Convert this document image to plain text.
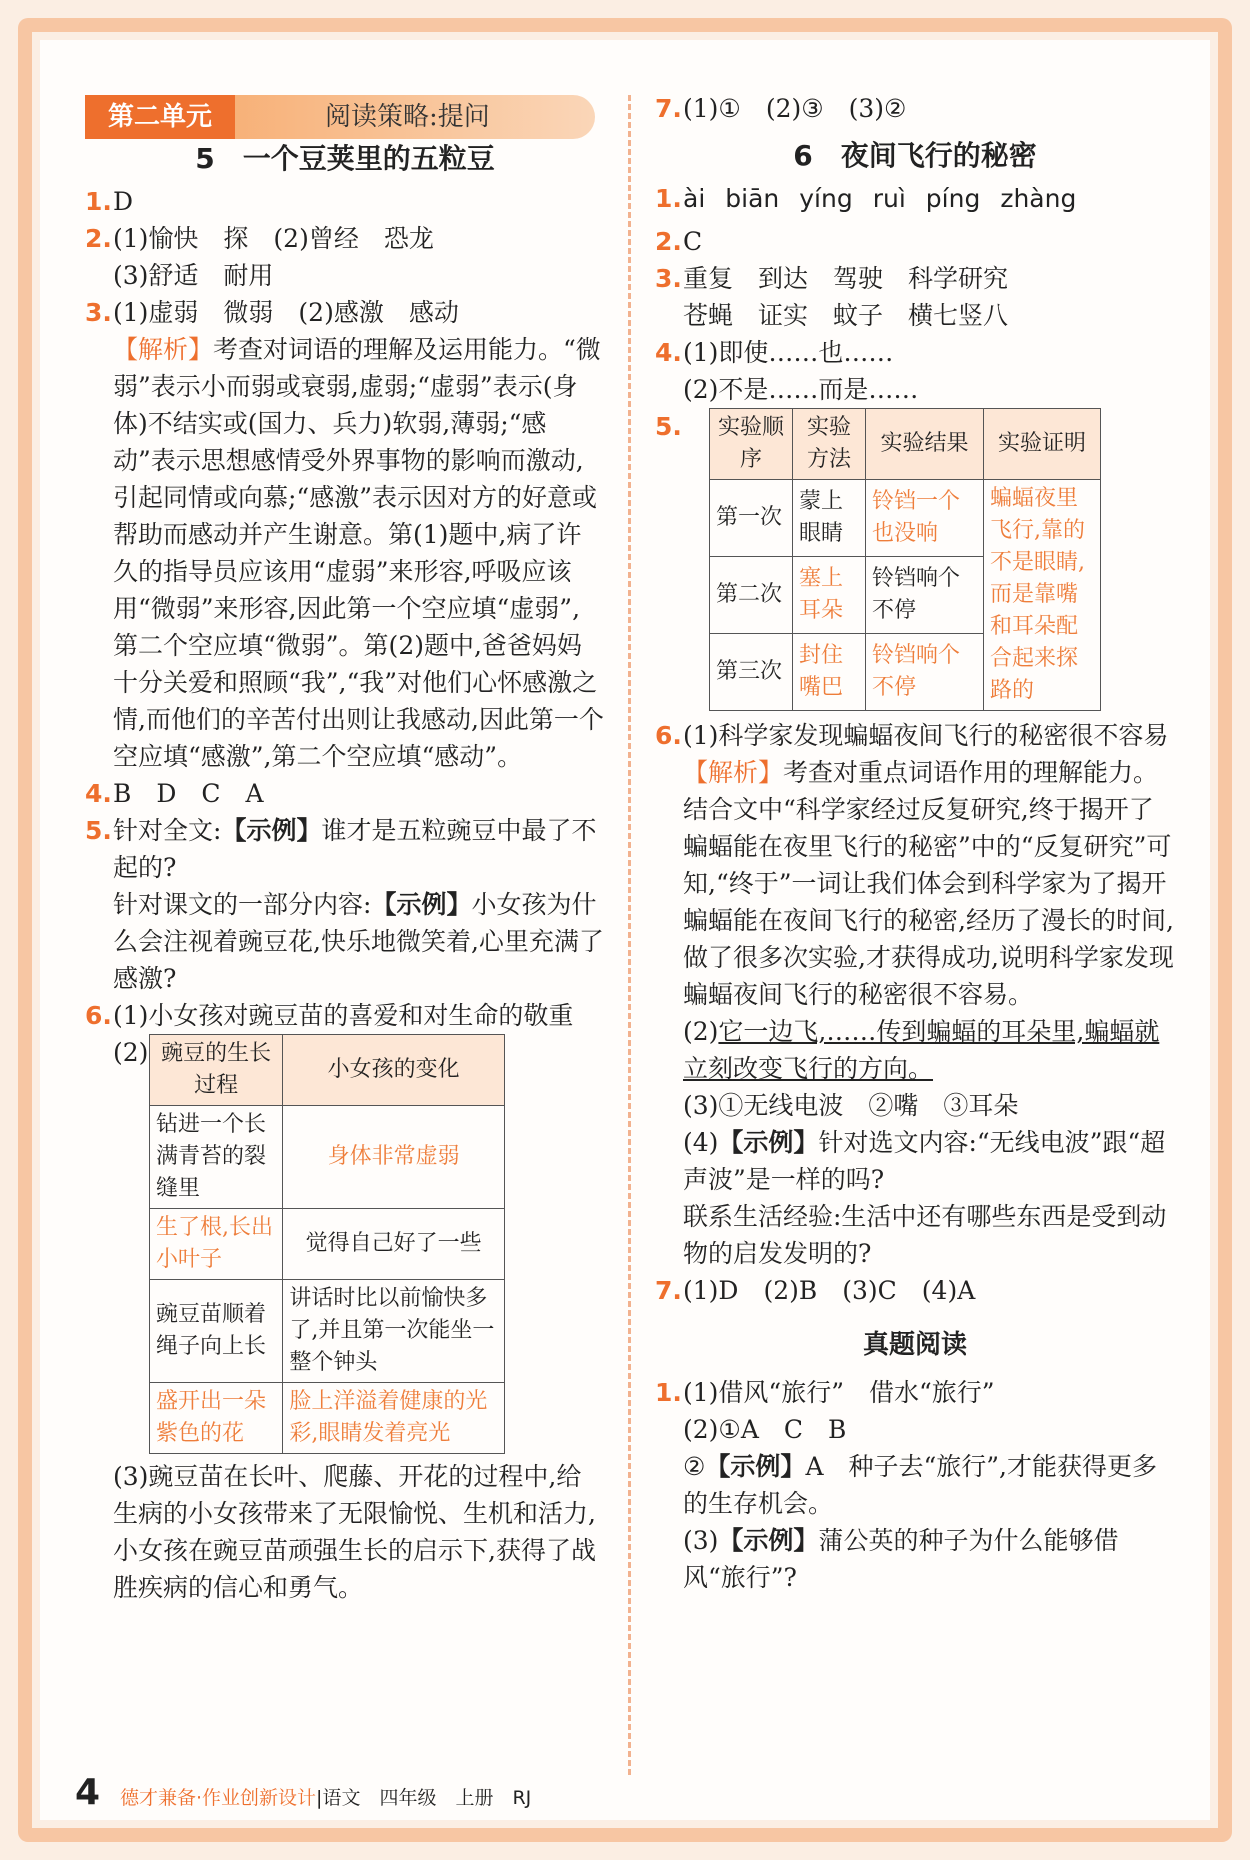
第二单元	阅读策略:提问
5　一个豆荚里的五粒豆
1. D
2. (1)愉快　探　(2)曾经　恐龙
(3)舒适　耐用
3. (1)虚弱　微弱　(2)感激　感动
【解析】考查对词语的理解及运用能力。“微弱”表示小而弱或衰弱,虚弱;“虚弱”表示(身体)不结实或(国力、兵力)软弱,薄弱;“感动”表示思想感情受外界事物的影响而激动,引起同情或向慕;“感激”表示因对方的好意或帮助而感动并产生谢意。第(1)题中,病了许久的指导员应该用“虚弱”来形容,呼吸应该用“微弱”来形容,因此第一个空应填“虚弱”,第二个空应填“微弱”。第(2)题中,爸爸妈妈十分关爱和照顾“我”,“我”对他们心怀感激之情,而他们的辛苦付出则让我感动,因此第一个空应填“感激”,第二个空应填“感动”。
4. B　D　C　A
5. 针对全文:【示例】谁才是五粒豌豆中最了不起的?
针对课文的一部分内容:【示例】小女孩为什么会注视着豌豆花,快乐地微笑着,心里充满了感激?
6. (1)小女孩对豌豆苗的喜爱和对生命的敬重
(2) 豌豆的生长过程	小女孩的变化
钻进一个长满青苔的裂缝里	身体非常虚弱
生了根,长出小叶子	觉得自己好了一些
豌豆苗顺着绳子向上长	讲话时比以前愉快多了,并且第一次能坐一整个钟头
盛开出一朵紫色的花	脸上洋溢着健康的光彩,眼睛发着亮光
(3)豌豆苗在长叶、爬藤、开花的过程中,给生病的小女孩带来了无限愉悦、生机和活力,小女孩在豌豆苗顽强生长的启示下,获得了战胜疾病的信心和勇气。
7. (1)①　(2)③　(3)②
6　夜间飞行的秘密
1. ài biān yíng ruì píng zhàng
2. C
3. 重复　到达　驾驶　科学研究
苍蝇　证实　蚊子　横七竖八
4. (1)即使……也……
(2)不是……而是……
5. 实验顺序	实验方法	实验结果	实验证明
第一次	蒙上眼睛	铃铛一个也没响	蝙蝠夜里飞行,靠的不是眼睛,而是靠嘴和耳朵配合起来探路的
第二次	塞上耳朵	铃铛响个不停	
第三次	封住嘴巴	铃铛响个不停	
6. (1)科学家发现蝙蝠夜间飞行的秘密很不容易
【解析】考查对重点词语作用的理解能力。结合文中“科学家经过反复研究,终于揭开了蝙蝠能在夜里飞行的秘密”中的“反复研究”可知,“终于”一词让我们体会到科学家为了揭开蝙蝠能在夜间飞行的秘密,经历了漫长的时间,做了很多次实验,才获得成功,说明科学家发现蝙蝠夜间飞行的秘密很不容易。
(2)它一边飞,……传到蝙蝠的耳朵里,蝙蝠就立刻改变飞行的方向。
(3)①无线电波　②嘴　③耳朵
(4)【示例】针对选文内容:“无线电波”跟“超声波”是一样的吗?
联系生活经验:生活中还有哪些东西是受到动物的启发发明的?
7. (1)D　(2)B　(3)C　(4)A
真题阅读
1. (1)借风“旅行”　借水“旅行”
(2)①A　C　B
②【示例】A　种子去“旅行”,才能获得更多的生存机会。
(3)【示例】蒲公英的种子为什么能够借风“旅行”?
4 德才兼备·作业创新设计|语文　四年级　上册　RJ
